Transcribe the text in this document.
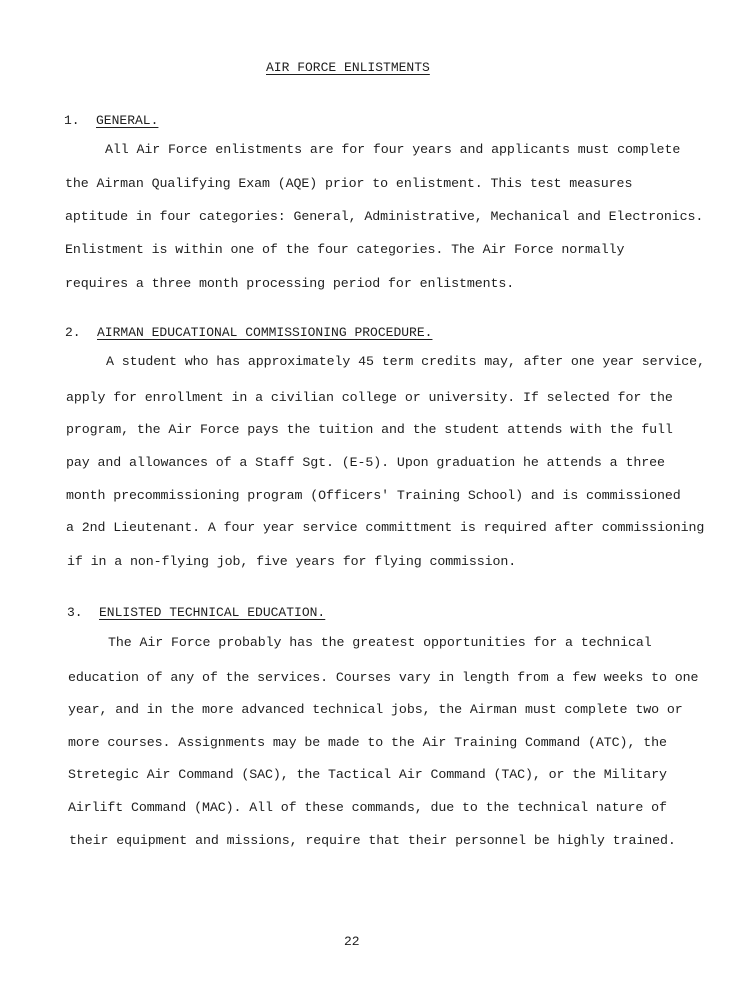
AIR FORCE ENLISTMENTS
1. GENERAL.
All Air Force enlistments are for four years and applicants must complete
the Airman Qualifying Exam (AQE) prior to enlistment. This test measures
aptitude in four categories: General, Administrative, Mechanical and Electronics.
Enlistment is within one of the four categories. The Air Force normally
requires a three month processing period for enlistments.
2. AIRMAN EDUCATIONAL COMMISSIONING PROCEDURE.
A student who has approximately 45 term credits may, after one year service,
apply for enrollment in a civilian college or university. If selected for the
program, the Air Force pays the tuition and the student attends with the full
pay and allowances of a Staff Sgt. (E-5). Upon graduation he attends a three
month precommissioning program (Officers' Training School) and is commissioned
a 2nd Lieutenant. A four year service committment is required after commissioning
if in a non-flying job, five years for flying commission.
3. ENLISTED TECHNICAL EDUCATION.
The Air Force probably has the greatest opportunities for a technical
education of any of the services. Courses vary in length from a few weeks to one
year, and in the more advanced technical jobs, the Airman must complete two or
more courses. Assignments may be made to the Air Training Command (ATC), the
Stretegic Air Command (SAC), the Tactical Air Command (TAC), or the Military
Airlift Command (MAC). All of these commands, due to the technical nature of
their equipment and missions, require that their personnel be highly trained.
22
